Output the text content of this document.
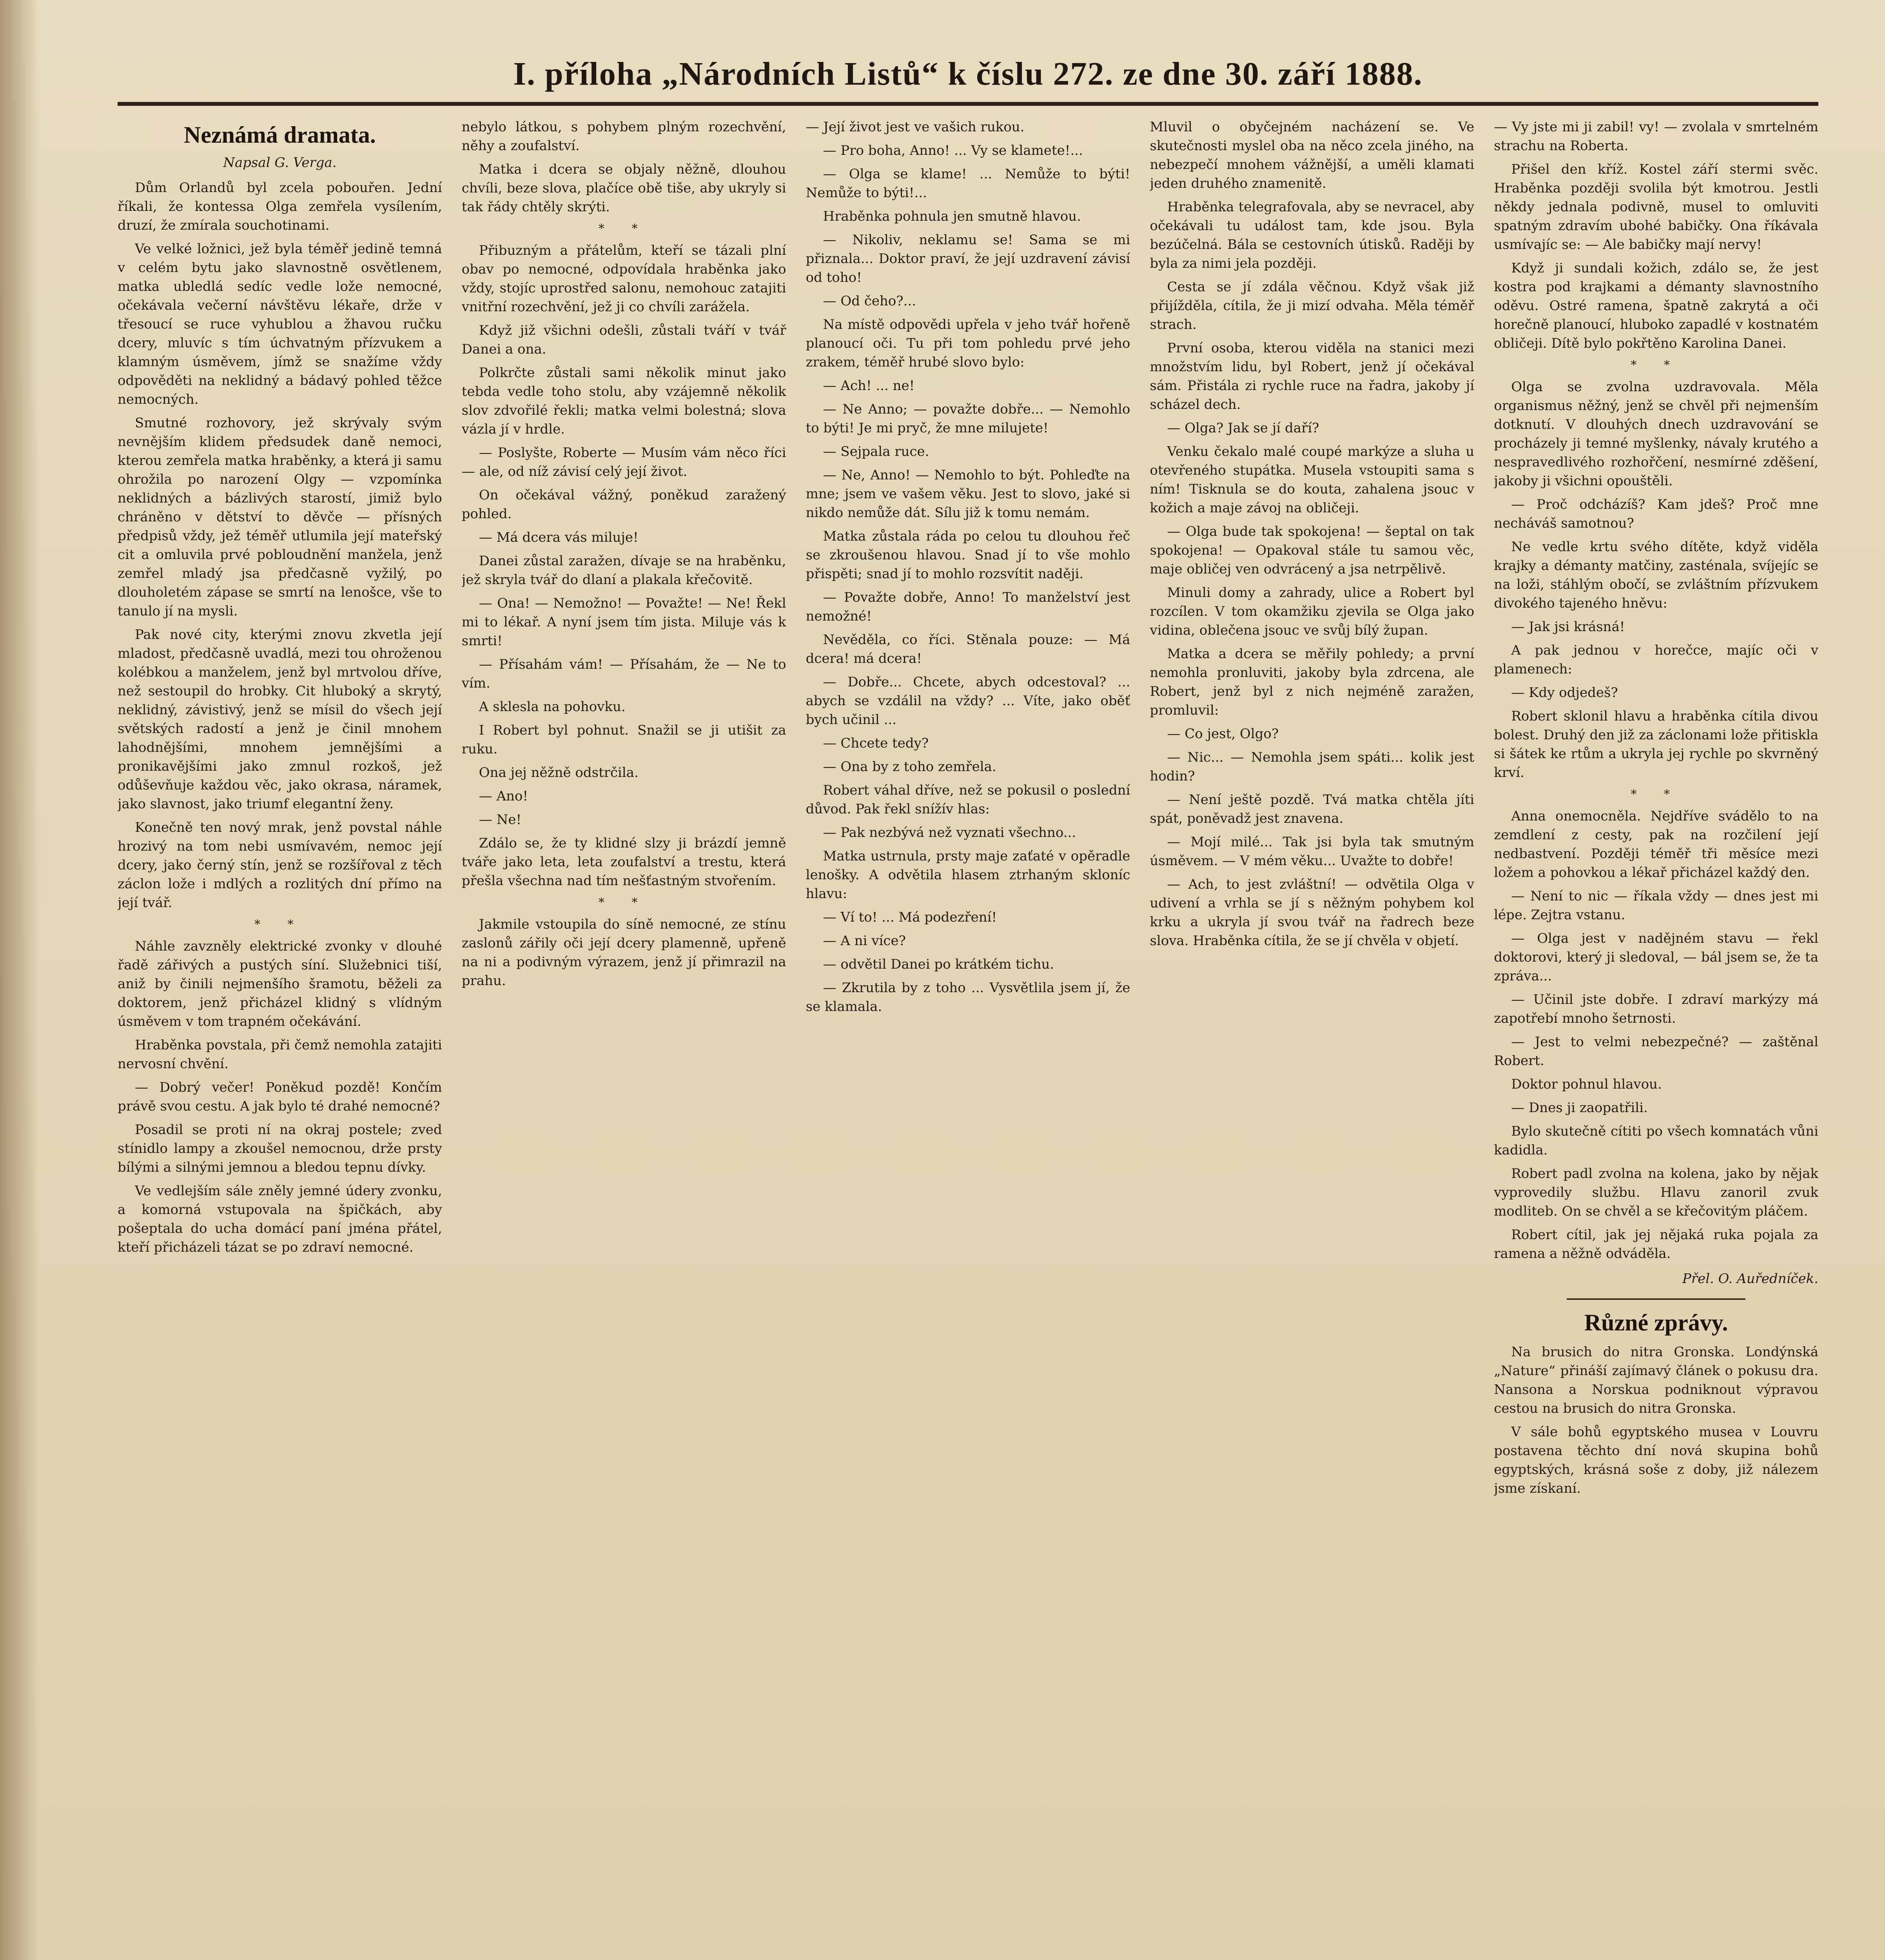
I. příloha „Národních Listů“ k číslu 272. ze dne 30. září 1888.
Neznámá dramata.
Napsal G. Verga.

Dům Orlandů byl zcela pobouřen. Jední říkali, že kontessa Olga zemřela vysílením, druzí, že zmírala souchotinami.

Ve velké ložnici, jež byla téměř jedině temná v celém bytu jako slavnostně osvětlenem, matka ubledlá sedíc vedle lože nemocné, očekávala večerní návštěvu lékaře, drže v třesoucí se ruce vyhublou a žhavou ručku dcery, mluvíc s tím úchvatným přízvukem a klamným úsměvem, jímž se snažíme vždy odpověděti na neklidný a bádavý pohled těžce nemocných.

Smutné rozhovory, jež skrývaly svým nevnějším klidem předsudek daně nemoci, kterou zemřela matka hraběnky, a která ji samu ohrožila po narození Olgy — vzpomínka neklidných a bázlivých starostí, jimiž bylo chráněno v dětství to děvče — přísných předpisů vždy, jež téměř utlumila její mateřský cit a omluvila prvé pobloudnění manžela, jenž zemřel mladý jsa předčasně vyžilý, po dlouholetém zápase se smrtí na lenošce, vše to tanulo jí na mysli.

Pak nové city, kterými znovu zkvetla její mladost, předčasně uvadlá, mezi tou ohroženou kolébkou a manželem, jenž byl mrtvolou dříve, než sestoupil do hrobky. Cit hluboký a skrytý, neklidný, závistivý, jenž se mísil do všech její světských radostí a jenž je činil mnohem lahodnějšími, mnohem jemnějšími a pronikavějšími jako zmnul rozkoš, jež odůševňuje každou věc, jako okrasa, náramek, jako slavnost, jako triumf elegantní ženy.

Konečně ten nový mrak, jenž povstal náhle hrozivý na tom nebi usmívavém, nemoc její dcery, jako černý stín, jenž se rozšířoval z těch záclon lože i mdlých a rozlitých dní přímo na její tvář.

* *

Náhle zavzněly elektrické zvonky v dlouhé řadě zářivých a pustých síní. Služebnici tiší, aniž by činili nejmenšího šramotu, běželi za doktorem, jenž přicházel klidný s vlídným úsměvem v tom trapném očekávání.

Hraběnka povstala, při čemž nemohla zatajiti nervosní chvění.

— Dobrý večer! Poněkud pozdě! Končím právě svou cestu. A jak bylo té drahé nemocné?

Posadil se proti ní na okraj postele; zved stínidlo lampy a zkoušel nemocnou, drže prsty bílými a silnými jemnou a bledou tepnu dívky.

Ve vedlejším sále zněly jemné údery zvonku, a komorná vstupovala na špičkách, aby pošeptala do ucha domácí paní jména přátel, kteří přicházeli tázat se po zdraví nemocné.

nebylo látkou, s pohybem plným rozechvění, něhy a zoufalství.

Matka i dcera se objaly něžně, dlouhou chvíli, beze slova, plačíce obě tiše, aby ukryly si tak řády chtěly skrýti.

* *

Přibuzným a přátelům, kteří se tázali plní obav po nemocné, odpovídala hraběnka jako vždy, stojíc uprostřed salonu, nemohouc zatajiti vnitřní rozechvění, jež ji co chvíli zarážela.

Když již všichni odešli, zůstali tváří v tvář Danei a ona.

Polkrčte zůstali sami několik minut jako tebda vedle toho stolu, aby vzájemně několik slov zdvořilé řekli; matka velmi bolestná; slova vázla jí v hrdle.

— Poslyšte, Roberte — Musím vám něco říci — ale, od níž závisí celý její život.

On očekával vážný, poněkud zaražený pohled.

— Má dcera vás miluje!

Danei zůstal zaražen, dívaje se na hraběnku, jež skryla tvář do dlaní a plakala křečovitě.

— Ona! — Nemožno! — Považte! — Ne! Řekl mi to lékař. A nyní jsem tím jista. Miluje vás k smrti!

— Přísahám vám! — Přísahám, že — Ne to vím.

A sklesla na pohovku.

I Robert byl pohnut. Snažil se ji utišit za ruku.

Ona jej něžně odstrčila.

— Ano!

— Ne!

Zdálo se, že ty klidné slzy ji brázdí jemně tváře jako leta, leta zoufalství a trestu, která přešla všechna nad tím nešťastným stvořením.

* *

Jakmile vstoupila do síně nemocné, ze stínu zaslonů zářily oči její dcery plamenně, upřeně na ni a podivným výrazem, jenž jí přimrazil na prahu.

— Její život jest ve vašich rukou.

— Pro boha, Anno! ... Vy se klamete!...

— Olga se klame! ... Nemůže to býti! Nemůže to býti!...

Hraběnka pohnula jen smutně hlavou.

— Nikoliv, neklamu se! Sama se mi přiznala... Doktor praví, že její uzdravení závisí od toho!

— Od čeho?...

Na místě odpovědi upřela v jeho tvář hořeně planoucí oči. Tu při tom pohledu prvé jeho zrakem, téměř hrubé slovo bylo:

— Ach! ... ne!

— Ne Anno; — považte dobře... — Nemohlo to býti! Je mi pryč, že mne milujete!

— Sejpala ruce.

— Ne, Anno! — Nemohlo to být. Pohleďte na mne; jsem ve vašem věku. Jest to slovo, jaké si nikdo nemůže dát. Sílu již k tomu nemám.

Matka zůstala ráda po celou tu dlouhou řeč se zkroušenou hlavou. Snad jí to vše mohlo přispěti; snad jí to mohlo rozsvítit naději.

— Považte dobře, Anno! To manželství jest nemožné!

Nevěděla, co říci. Stěnala pouze: — Má dcera! má dcera!

— Dobře... Chcete, abych odcestoval? ... abych se vzdálil na vždy? ... Víte, jako oběť bych učinil ...

— Chcete tedy?

— Ona by z toho zemřela.

Robert váhal dříve, než se pokusil o poslední důvod. Pak řekl snížív hlas:

— Pak nezbývá než vyznati všechno...

Matka ustrnula, prsty maje zaťaté v opěradle lenošky. A odvětila hlasem ztrhaným skloníc hlavu:

— Ví to! ... Má podezření!

— A ni více?

— odvětil Danei po krátkém tichu.

— Zkrutila by z toho ... Vysvětlila jsem jí, že se klamala.

Mluvil o obyčejném nacházení se. Ve skutečnosti myslel oba na něco zcela jiného, na nebezpečí mnohem vážnější, a uměli klamati jeden druhého znamenitě.

Hraběnka telegrafovala, aby se nevracel, aby očekávali tu událost tam, kde jsou. Byla bezúčelná. Bála se cestovních útisků. Raději by byla za nimi jela později.

Cesta se jí zdála věčnou. Když však již přijížděla, cítila, že ji mizí odvaha. Měla téměř strach.

První osoba, kterou viděla na stanici mezi množstvím lidu, byl Robert, jenž jí očekával sám. Přistála zi rychle ruce na řadra, jakoby jí scházel dech.

— Olga? Jak se jí daří?

Venku čekalo malé coupé markýze a sluha u otevřeného stupátka. Musela vstoupiti sama s ním! Tisknula se do kouta, zahalena jsouc v kožich a maje závoj na obličeji.

— Olga bude tak spokojena! — šeptal on tak spokojena! — Opakoval stále tu samou věc, maje obličej ven odvrácený a jsa netrpělivě.

Minuli domy a zahrady, ulice a Robert byl rozcílen. V tom okamžiku zjevila se Olga jako vidina, oblečena jsouc ve svůj bílý župan.

Matka a dcera se měřily pohledy; a první nemohla pronluviti, jakoby byla zdrcena, ale Robert, jenž byl z nich nejméně zaražen, promluvil:

— Co jest, Olgo?

— Nic... — Nemohla jsem spáti... kolik jest hodin?

— Není ještě pozdě. Tvá matka chtěla jíti spát, poněvadž jest znavena.

— Mojí milé... Tak jsi byla tak smutným úsměvem. — V mém věku... Uvažte to dobře!

— Ach, to jest zvláštní! — odvětila Olga v udivení a vrhla se jí s něžným pohybem kol krku a ukryla jí svou tvář na řadrech beze slova. Hraběnka cítila, že se jí chvěla v objetí.

— Vy jste mi ji zabil! vy! — zvolala v smrtelném strachu na Roberta.

Přišel den kříž. Kostel září stermi svěc. Hraběnka později svolila být kmotrou. Jestli někdy jednala podivně, musel to omluviti spatným zdravím ubohé babičky. Ona říkávala usmívajíc se: — Ale babičky mají nervy!

Když ji sundali kožich, zdálo se, že jest kostra pod krajkami a démanty slavnostního oděvu. Ostré ramena, špatně zakrytá a oči horečně planoucí, hluboko zapadlé v kostnatém obličeji. Dítě bylo pokřtěno Karolina Danei.

* *

Olga se zvolna uzdravovala. Měla organismus něžný, jenž se chvěl při nejmenším dotknutí. V dlouhých dnech uzdravování se procházely ji temné myšlenky, návaly krutého a nespravedlivého rozhořčení, nesmírné zděšení, jakoby ji všichni opouštěli.

— Proč odcházíš? Kam jdeš? Proč mne necháváš samotnou?

Ne vedle krtu svého dítěte, když viděla krajky a démanty matčiny, zasténala, svíjejíc se na loži, stáhlým obočí, se zvláštním přízvukem divokého tajeného hněvu:

— Jak jsi krásná!

A pak jednou v horečce, majíc oči v plamenech:

— Kdy odjedeš?

Robert sklonil hlavu a hraběnka cítila divou bolest. Druhý den již za záclonami lože přitiskla si šátek ke rtům a ukryla jej rychle po skvrněný krví.

* *

Anna onemocněla. Nejdříve svádělo to na zemdlení z cesty, pak na rozčilení její nedbastvení. Později téměř tři měsíce mezi ložem a pohovkou a lékař přicházel každý den.

— Není to nic — říkala vždy — dnes jest mi lépe. Zejtra vstanu.

— Olga jest v nadějném stavu — řekl doktorovi, který ji sledoval, — bál jsem se, že ta zpráva...

— Učinil jste dobře. I zdraví markýzy má zapotřebí mnoho šetrnosti.

— Jest to velmi nebezpečné? — zaštěnal Robert.

Doktor pohnul hlavou.

— Dnes ji zaopatřili.

Bylo skutečně cítiti po všech komnatách vůni kadidla.

Robert padl zvolna na kolena, jako by nějak vyprovedily službu. Hlavu zanoril zvuk modliteb. On se chvěl a se křečovitým pláčem.

Robert cítil, jak jej nějaká ruka pojala za ramena a něžně odváděla.

Přel. O. Auředníček.
Různé zprávy.

Na brusich do nitra Gronska. Londýnská „Nature“ přináší zajímavý článek o pokusu dra. Nansona a Norskua podniknout výpravou cestou na brusich do nitra Gronska.

V sále bohů egyptského musea v Louvru postavena těchto dní nová skupina bohů egyptských, krásná soše z doby, již nálezem jsme získaní.
